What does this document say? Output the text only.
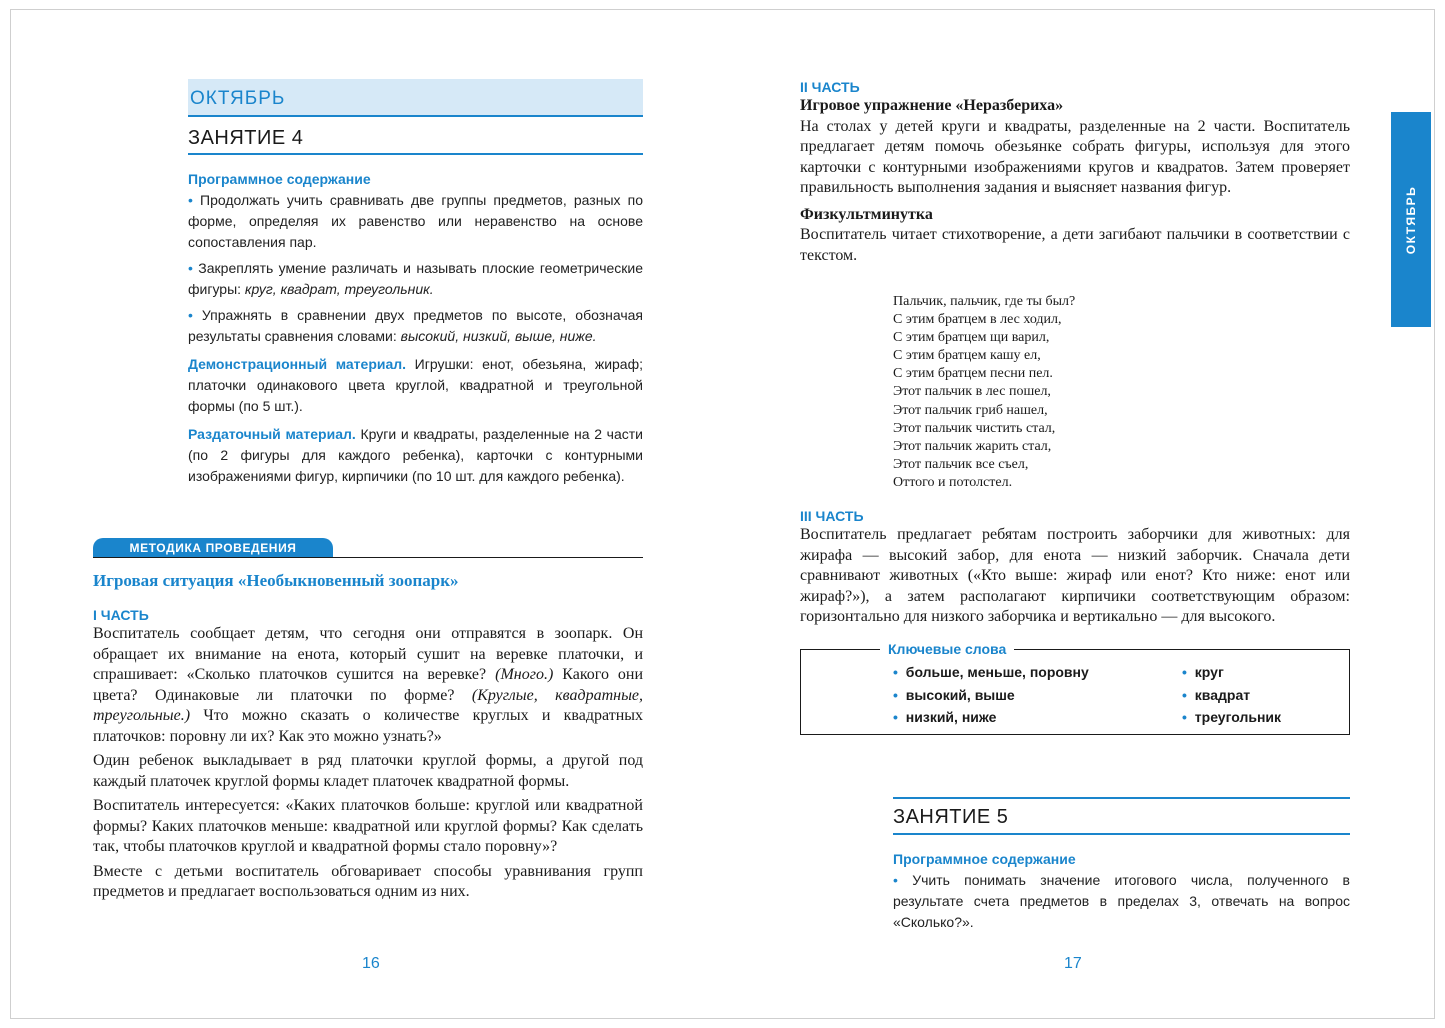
ОКТЯБРЬ
ЗАНЯТИЕ 4

Программное содержание

• Продолжать учить сравнивать две группы предметов, разных по форме, определяя их равенство или неравенство на основе сопоставления пар.

• Закреплять умение различать и называть плоские геометрические фигуры: круг, квадрат, треугольник.

• Упражнять в сравнении двух предметов по высоте, обозначая результаты сравнения словами: высокий, низкий, выше, ниже.

Демонстрационный материал. Игрушки: енот, обезьяна, жираф; платочки одинакового цвета круглой, квадратной и треугольной формы (по 5 шт.).

Раздаточный материал. Круги и квадраты, разделенные на 2 части (по 2 фигуры для каждого ребенка), карточки с контурными изображениями фигур, кирпичики (по 10 шт. для каждого ребенка).

МЕТОДИКА ПРОВЕДЕНИЯ
Игровая ситуация «Необыкновенный зоопарк»
I ЧАСТЬ

Воспитатель сообщает детям, что сегодня они отправятся в зоопарк. Он обращает их внимание на енота, который сушит на веревке платочки, и спрашивает: «Сколько платочков сушится на веревке? (Много.) Какого они цвета? Одинаковые ли платочки по форме? (Круглые, квадратные, треугольные.) Что можно сказать о количестве круглых и квадратных платочков: поровну ли их? Как это можно узнать?»

Один ребенок выкладывает в ряд платочки круглой формы, а другой под каждый платочек круглой формы кладет платочек квадратной формы.

Воспитатель интересуется: «Каких платочков больше: круглой или квадратной формы? Каких платочков меньше: квадратной или круглой формы? Как сделать так, чтобы платочков круглой и квадратной формы стало поровну»?

Вместе с детьми воспитатель обговаривает способы уравнивания групп предметов и предлагает воспользоваться одним из них.

16
II ЧАСТЬ
Игровое упражнение «Неразбериха»

На столах у детей круги и квадраты, разделенные на 2 части. Воспитатель предлагает детям помочь обезьянке собрать фигуры, используя для этого карточки с контурными изображениями кругов и квадратов. Затем проверяет правильность выполнения задания и выясняет названия фигур.

Физкультминутка

Воспитатель читает стихотворение, а дети загибают пальчики в соответствии с текстом.

Пальчик, пальчик, где ты был?
С этим братцем в лес ходил,
С этим братцем щи варил,
С этим братцем кашу ел,
С этим братцем песни пел.
Этот пальчик в лес пошел,
Этот пальчик гриб нашел,
Этот пальчик чистить стал,
Этот пальчик жарить стал,
Этот пальчик все съел,
Оттого и потолстел.
III ЧАСТЬ

Воспитатель предлагает ребятам построить заборчики для животных: для жирафа — высокий забор, для енота — низкий заборчик. Сначала дети сравнивают животных («Кто выше: жираф или енот? Кто ниже: енот или жираф?»), а затем располагают кирпичики соответствующим образом: горизонтально для низкого заборчика и вертикально — для высокого.

Ключевые слова
• больше, меньше, поровну
• высокий, выше
• низкий, ниже
• круг
• квадрат
• треугольник
ЗАНЯТИЕ 5

Программное содержание

• Учить понимать значение итогового числа, полученного в результате счета предметов в пределах 3, отвечать на вопрос «Сколько?».

ОКТЯБРЬ
17
